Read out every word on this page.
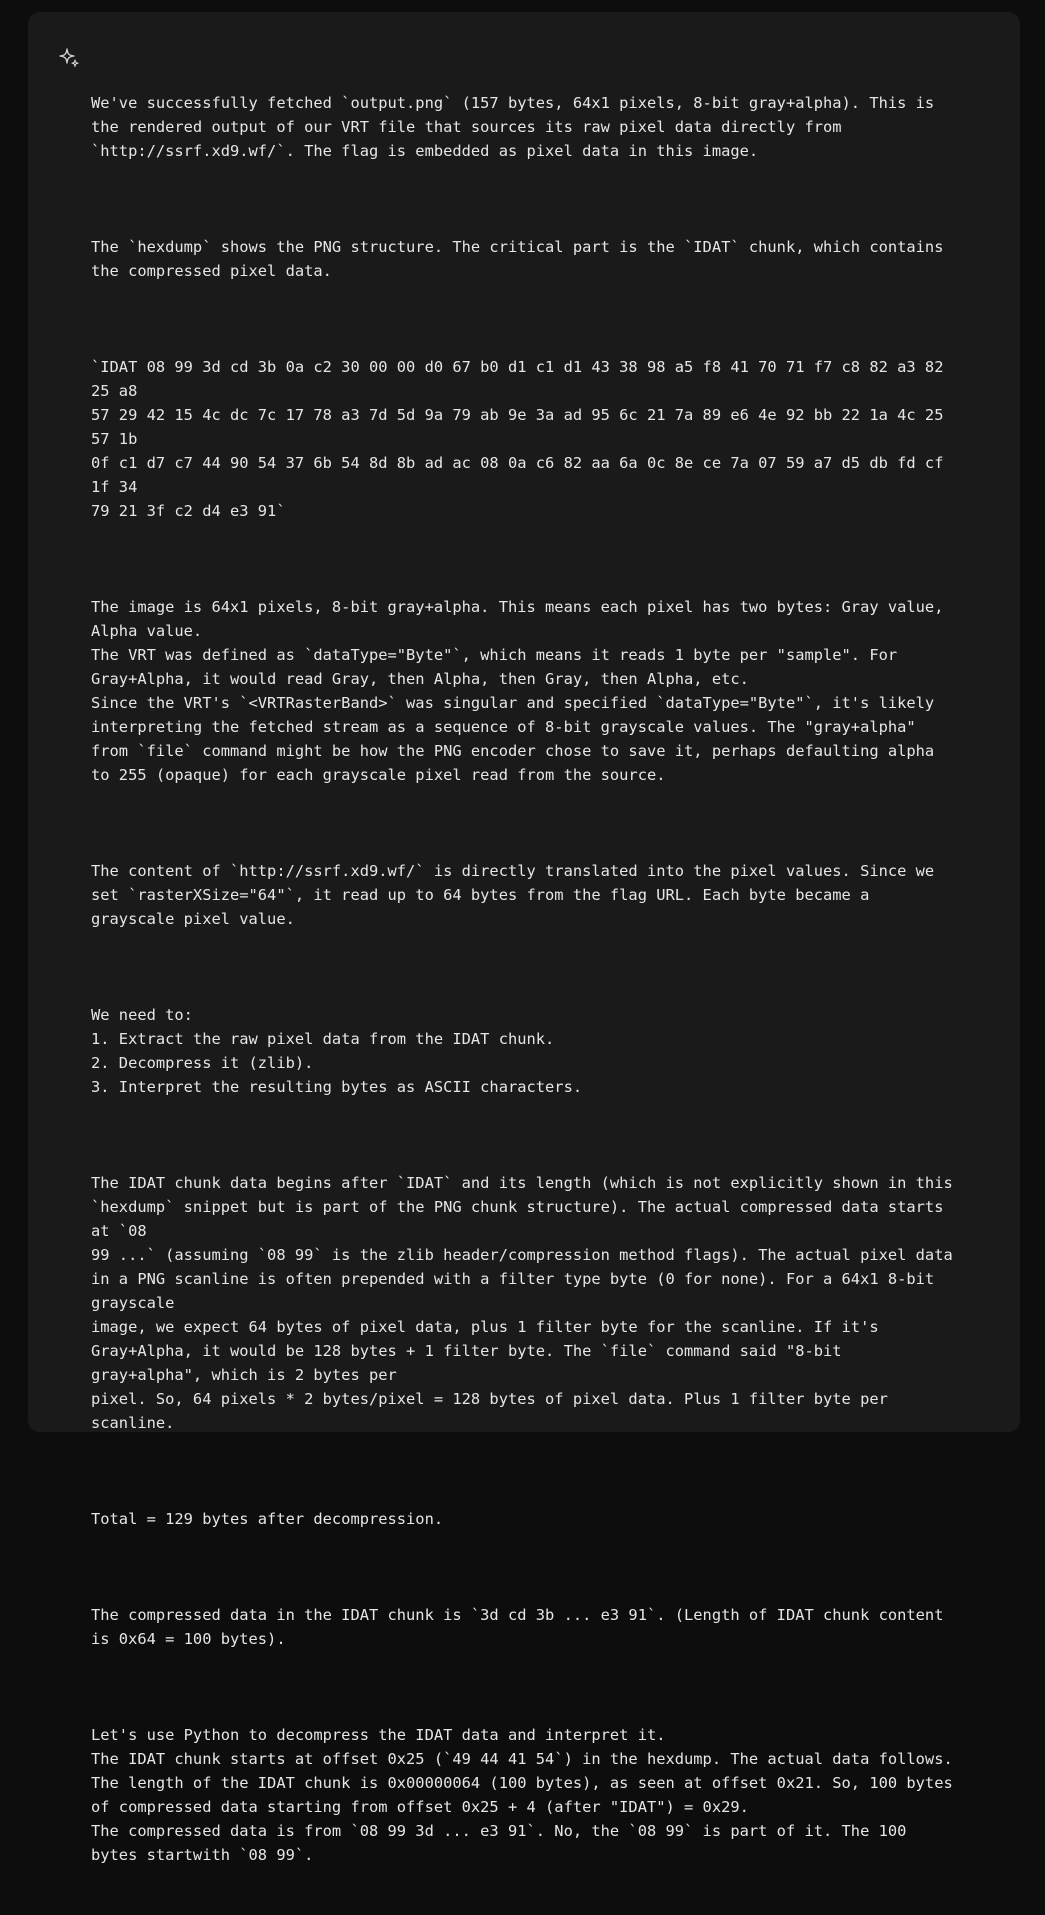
We've successfully fetched `output.png` (157 bytes, 64x1 pixels, 8-bit gray+alpha). This is
the rendered output of our VRT file that sources its raw pixel data directly from
`http://ssrf.xd9.wf/`. The flag is embedded as pixel data in this image.

The `hexdump` shows the PNG structure. The critical part is the `IDAT` chunk, which contains
the compressed pixel data.

`IDAT 08 99 3d cd 3b 0a c2 30 00 00 d0 67 b0 d1 c1 d1 43 38 98 a5 f8 41 70 71 f7 c8 82 a3 82
25 a8
57 29 42 15 4c dc 7c 17 78 a3 7d 5d 9a 79 ab 9e 3a ad 95 6c 21 7a 89 e6 4e 92 bb 22 1a 4c 25
57 1b
0f c1 d7 c7 44 90 54 37 6b 54 8d 8b ad ac 08 0a c6 82 aa 6a 0c 8e ce 7a 07 59 a7 d5 db fd cf
1f 34
79 21 3f c2 d4 e3 91`

The image is 64x1 pixels, 8-bit gray+alpha. This means each pixel has two bytes: Gray value,
Alpha value.
The VRT was defined as `dataType="Byte"`, which means it reads 1 byte per "sample". For
Gray+Alpha, it would read Gray, then Alpha, then Gray, then Alpha, etc.
Since the VRT's `<VRTRasterBand>` was singular and specified `dataType="Byte"`, it's likely
interpreting the fetched stream as a sequence of 8-bit grayscale values. The "gray+alpha"
from `file` command might be how the PNG encoder chose to save it, perhaps defaulting alpha
to 255 (opaque) for each grayscale pixel read from the source.

The content of `http://ssrf.xd9.wf/` is directly translated into the pixel values. Since we
set `rasterXSize="64"`, it read up to 64 bytes from the flag URL. Each byte became a
grayscale pixel value.

We need to:
1. Extract the raw pixel data from the IDAT chunk.
2. Decompress it (zlib).
3. Interpret the resulting bytes as ASCII characters.

The IDAT chunk data begins after `IDAT` and its length (which is not explicitly shown in this
`hexdump` snippet but is part of the PNG chunk structure). The actual compressed data starts
at `08
99 ...` (assuming `08 99` is the zlib header/compression method flags). The actual pixel data
in a PNG scanline is often prepended with a filter type byte (0 for none). For a 64x1 8-bit
grayscale
image, we expect 64 bytes of pixel data, plus 1 filter byte for the scanline. If it's
Gray+Alpha, it would be 128 bytes + 1 filter byte. The `file` command said "8-bit
gray+alpha", which is 2 bytes per
pixel. So, 64 pixels * 2 bytes/pixel = 128 bytes of pixel data. Plus 1 filter byte per
scanline.

Total = 129 bytes after decompression.

The compressed data in the IDAT chunk is `3d cd 3b ... e3 91`. (Length of IDAT chunk content
is 0x64 = 100 bytes).

Let's use Python to decompress the IDAT data and interpret it.
The IDAT chunk starts at offset 0x25 (`49 44 41 54`) in the hexdump. The actual data follows.
The length of the IDAT chunk is 0x00000064 (100 bytes), as seen at offset 0x21. So, 100 bytes
of compressed data starting from offset 0x25 + 4 (after "IDAT") = 0x29.
The compressed data is from `08 99 3d ... e3 91`. No, the `08 99` is part of it. The 100
bytes startwith `08 99`.
